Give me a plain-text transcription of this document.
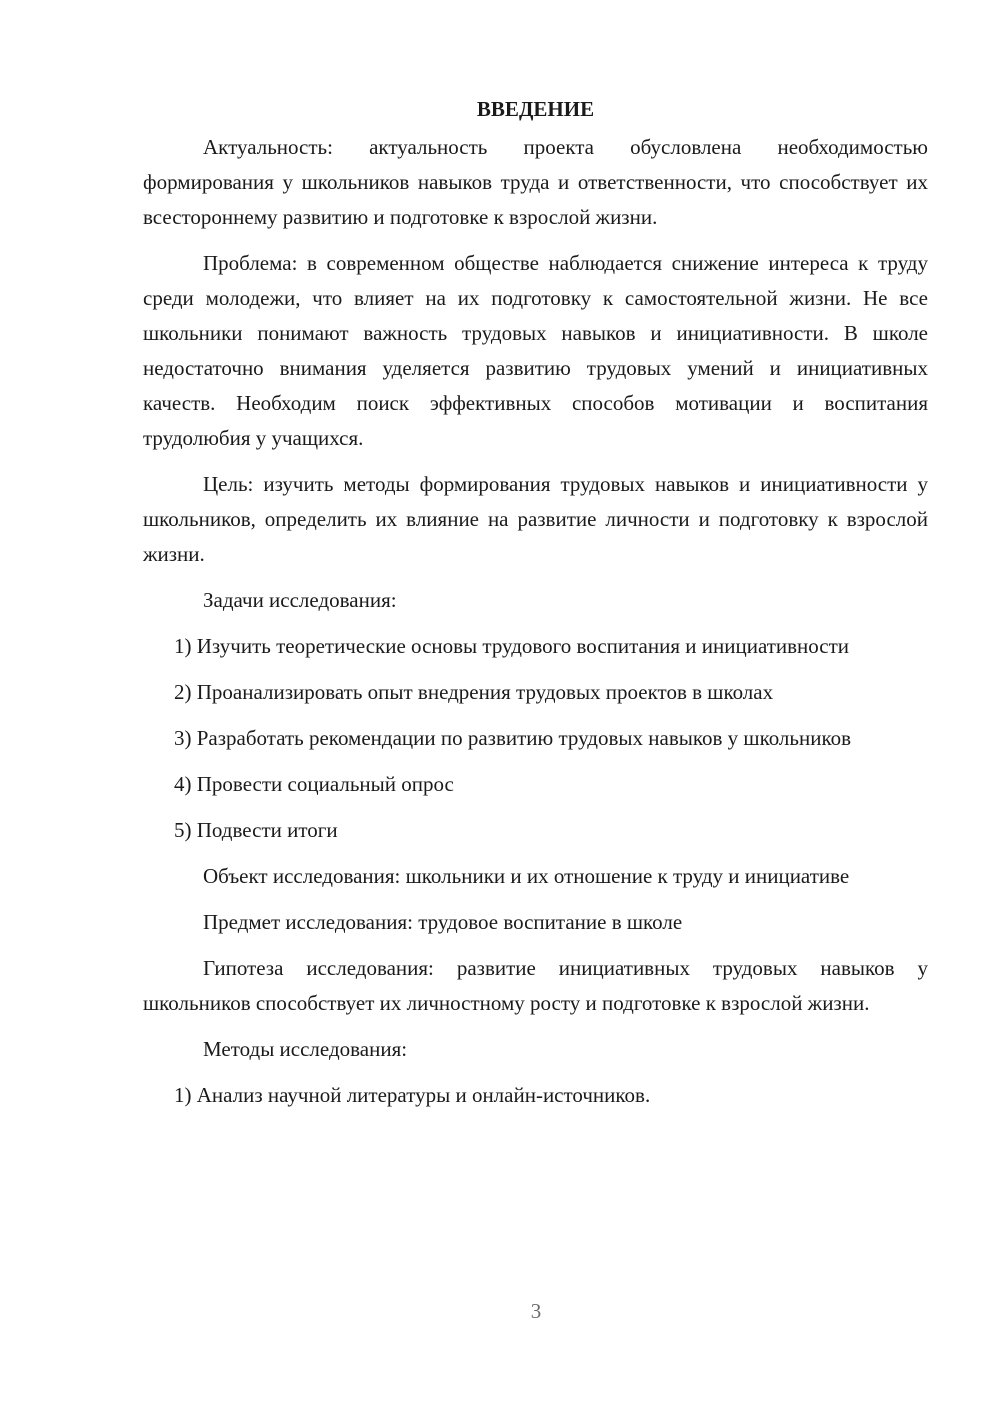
ВВЕДЕНИЕ

Актуальность: актуальность проекта обусловлена необходимостью формирования у школьников навыков труда и ответственности, что способствует их всестороннему развитию и подготовке к взрослой жизни.

Проблема: в современном обществе наблюдается снижение интереса к труду среди молодежи, что влияет на их подготовку к самостоятельной жизни. Не все школьники понимают важность трудовых навыков и инициативности. В школе недостаточно внимания уделяется развитию трудовых умений и инициативных качеств. Необходим поиск эффективных способов мотивации и воспитания трудолюбия у учащихся.

Цель: изучить методы формирования трудовых навыков и инициативности у школьников, определить их влияние на развитие личности и подготовку к взрослой жизни.

Задачи исследования:

1) Изучить теоретические основы трудового воспитания и инициативности

2) Проанализировать опыт внедрения трудовых проектов в школах

3) Разработать рекомендации по развитию трудовых навыков у школьников

4) Провести социальный опрос

5) Подвести итоги

Объект исследования: школьники и их отношение к труду и инициативе

Предмет исследования: трудовое воспитание в школе

Гипотеза исследования: развитие инициативных трудовых навыков у школьников способствует их личностному росту и подготовке к взрослой жизни.

Методы исследования:

1) Анализ научной литературы и онлайн-источников.

3
